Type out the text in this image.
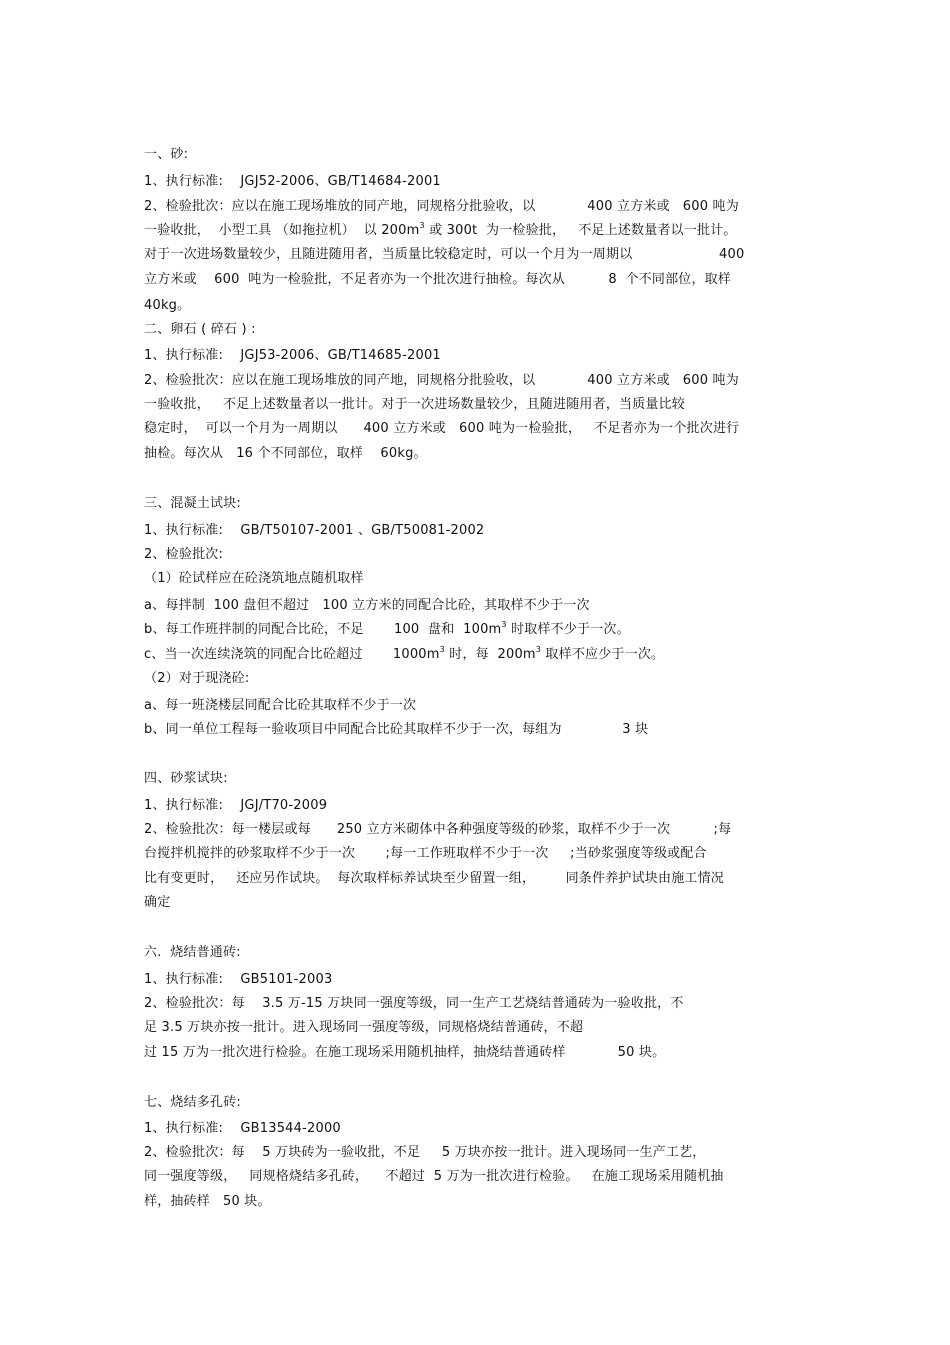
一、砂:
1、执行标准:    JGJ52-2006、GB/T14684-2001
2、检验批次：应以在施工现场堆放的同产地，同规格分批验收，以            400 立方米或   600 吨为
一验收批，  小型工具 （如拖拉机）  以 $200m^3$ 或 300t  为一检验批，   不足上述数量者以一批计。
对于一次进场数量较少，且随进随用者，当质量比较稳定时，可以一个月为一周期以                    400
立方米或    600  吨为一检验批，不足者亦为一个批次进行抽检。每次从          8  个不同部位，取样
40kg。
二、卵石 ( 碎石 ) :
1、执行标准:    JGJ53-2006、GB/T14685-2001
2、检验批次：应以在施工现场堆放的同产地，同规格分批验收，以            400 立方米或   600 吨为
一验收批，   不足上述数量者以一批计。对于一次进场数量较少，且随进随用者，当质量比较
稳定时，  可以一个月为一周期以      400 立方米或   600 吨为一检验批，   不足者亦为一个批次进行
抽检。每次从   16 个不同部位，取样    60kg。
三、混凝土试块:
1、执行标准:    GB/T50107-2001 、GB/T50081-2002
2、检验批次:
（1）砼试样应在砼浇筑地点随机取样
a、每拌制  100 盘但不超过   100 立方米的同配合比砼，其取样不少于一次
b、每工作班拌制的同配合比砼，不足       100  盘和  $100m^3$ 时取样不少于一次。
c、当一次连续浇筑的同配合比砼超过       $1000m^3$ 时，每  $200m^3$ 取样不应少于一次。
（2）对于现浇砼:
a、每一班浇楼层同配合比砼其取样不少于一次
b、同一单位工程每一验收项目中同配合比砼其取样不少于一次，每组为              3 块
四、砂浆试块:
1、执行标准:    JGJ/T70-2009
2、检验批次：每一楼层或每      250 立方米砌体中各种强度等级的砂浆，取样不少于一次          ;每
台搅拌机搅拌的砂浆取样不少于一次       ;每一工作班取样不少于一次     ;当砂浆强度等级或配合
比有变更时，   还应另作试块。  每次取样标养试块至少留置一组，       同条件养护试块由施工情况
确定
六.  烧结普通砖:
1、执行标准:    GB5101-2003
2、检验批次：每    3.5 万-15 万块同一强度等级，同一生产工艺烧结普通砖为一验收批，不
足 3.5 万块亦按一批计。进入现场同一强度等级，同规格烧结普通砖，不超
过 15 万为一批次进行检验。在施工现场采用随机抽样，抽烧结普通砖样            50 块。
七、烧结多孔砖:
1、执行标准:    GB13544-2000
2、检验批次：每    5 万块砖为一验收批，不足     5 万块亦按一批计。进入现场同一生产工艺，
同一强度等级，   同规格烧结多孔砖，    不超过  5 万为一批次进行检验。   在施工现场采用随机抽
样，抽砖样   50 块。
